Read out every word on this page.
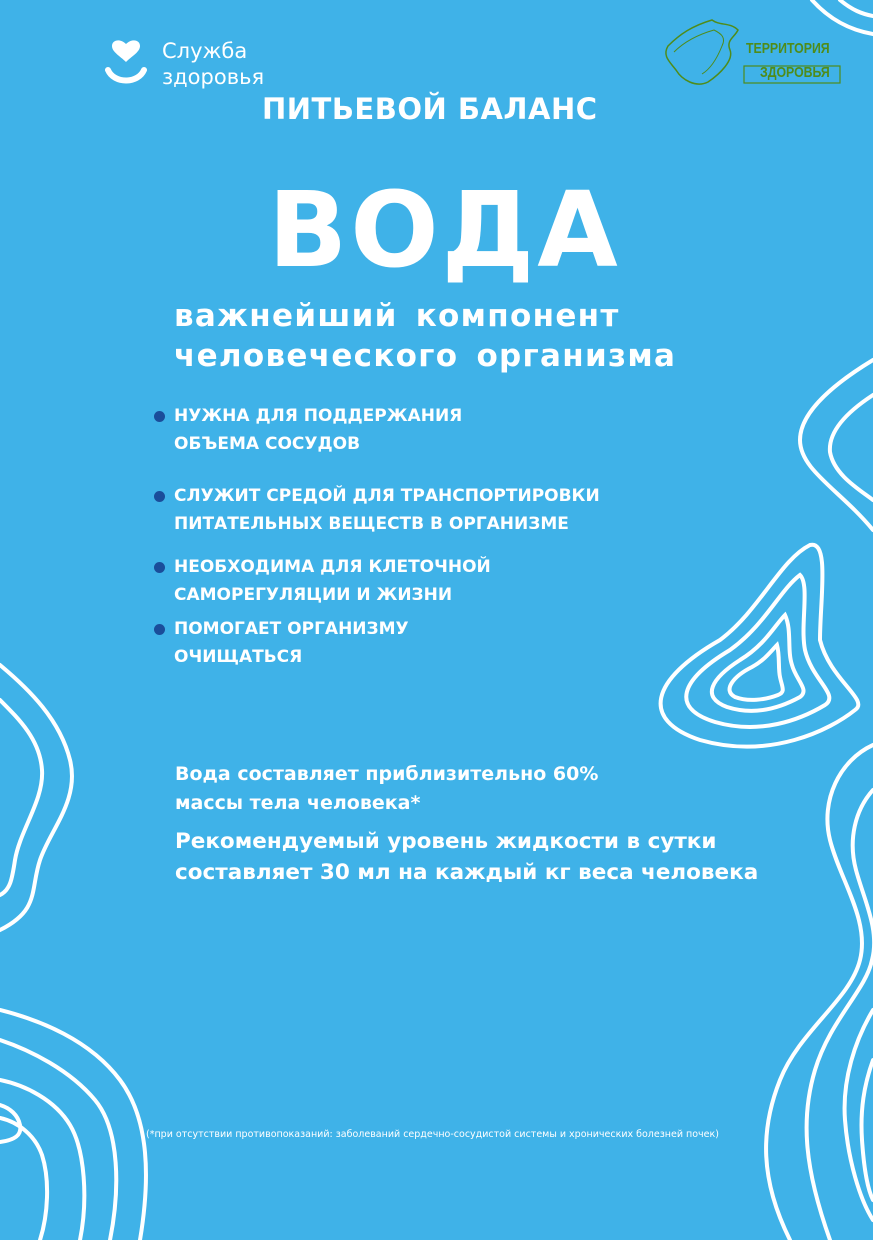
Служба
здоровья
ТЕРРИТОРИЯ
ЗДОРОВЬЯ
ПИТЬЕВОЙ БАЛАНС
ВОДА
важнейший компонент
человеческого организма
НУЖНА ДЛЯ ПОДДЕРЖАНИЯ
ОБЪЕМА СОСУДОВ
СЛУЖИТ СРЕДОЙ ДЛЯ ТРАНСПОРТИРОВКИ
ПИТАТЕЛЬНЫХ ВЕЩЕСТВ В ОРГАНИЗМЕ
НЕОБХОДИМА ДЛЯ КЛЕТОЧНОЙ
САМОРЕГУЛЯЦИИ И ЖИЗНИ
ПОМОГАЕТ ОРГАНИЗМУ
ОЧИЩАТЬСЯ
Вода составляет приблизительно 60%
массы тела человека*
Рекомендуемый уровень жидкости в сутки
составляет 30 мл на каждый кг веса человека
(*при отсутствии противопоказаний: заболеваний сердечно-сосудистой системы и хронических болезней почек)
